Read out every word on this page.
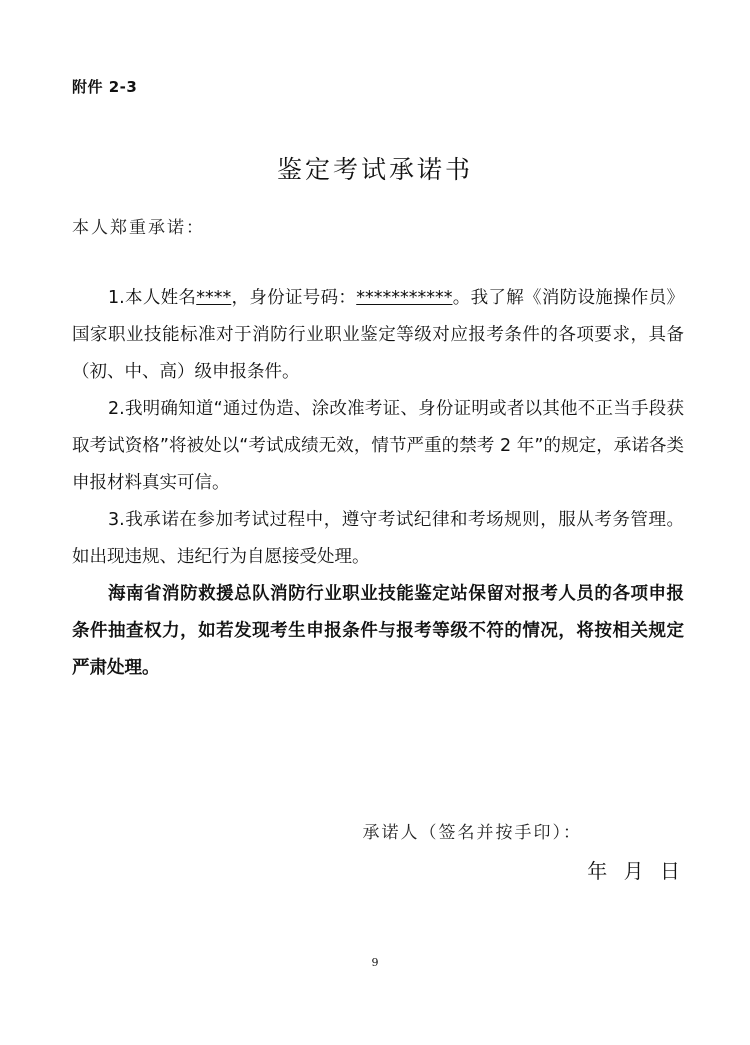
附件 2-3
鉴定考试承诺书
本人郑重承诺：

1.本人姓名****，身份证号码：***********。我了解《消防设施操作员》国家职业技能标准对于消防行业职业鉴定等级对应报考条件的各项要求，具备（初、中、高）级申报条件。

2.我明确知道“通过伪造、涂改准考证、身份证明或者以其他不正当手段获取考试资格”将被处以“考试成绩无效，情节严重的禁考 2 年”的规定，承诺各类申报材料真实可信。

3.我承诺在参加考试过程中，遵守考试纪律和考场规则，服从考务管理。如出现违规、违纪行为自愿接受处理。

海南省消防救援总队消防行业职业技能鉴定站保留对报考人员的各项申报条件抽查权力，如若发现考生申报条件与报考等级不符的情况，将按相关规定严肃处理。

承诺人（签名并按手印）：
年 月 日
9
